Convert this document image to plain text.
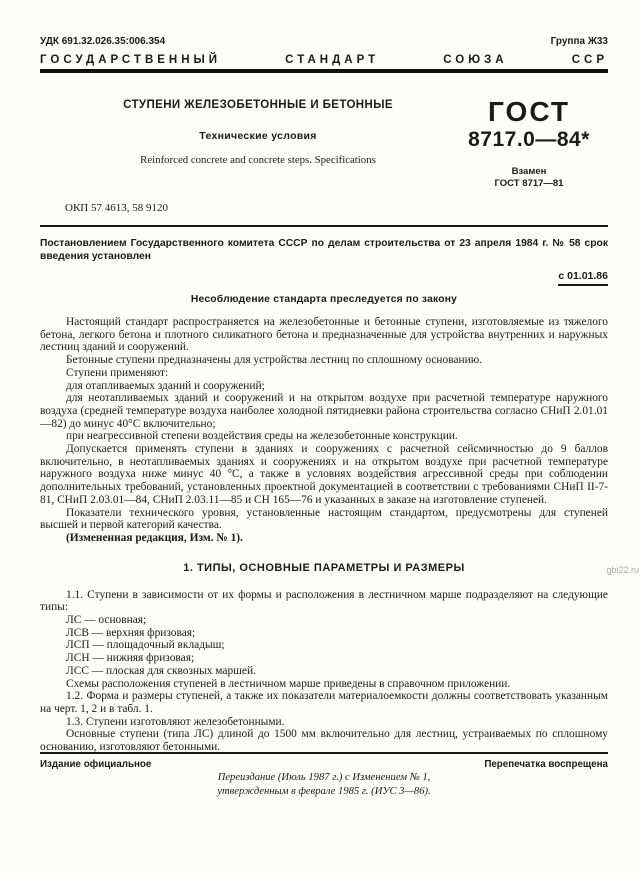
УДК 691.32.026.35:006.354	Группа Ж33
ГОСУДАРСТВЕННЫЙ СТАНДАРТ СОЮЗА ССР
СТУПЕНИ ЖЕЛЕЗОБЕТОННЫЕ И БЕТОННЫЕ
Технические условия
Reinforced concrete and concrete steps. Specifications
ГОСТ
8717.0—84*
Взамен
ГОСТ 8717—81
ОКП 57 4613, 58 9120
Постановлением Государственного комитета СССР по делам строительства от 23 апреля 1984 г. № 58 срок введения установлен
с 01.01.86
Несоблюдение стандарта преследуется по закону

Настоящий стандарт распространяется на железобетонные и бетонные ступени, изготовляемые из тяжелого бетона, легкого бетона и плотного силикатного бетона и предназначенные для устройства внутренних и наружных лестниц зданий и сооружений.

Бетонные ступени предназначены для устройства лестниц по сплошному основанию.

Ступени применяют:

для отапливаемых зданий и сооружений;

для неотапливаемых зданий и сооружений и на открытом воздухе при расчетной температуре наружного воздуха (средней температуре воздуха наиболее холодной пятидневки района строительства согласно СНиП 2.01.01—82) до минус 40°С включительно;

при неагрессивной степени воздействия среды на железобетонные конструкции.

Допускается применять ступени в зданиях и сооружениях с расчетной сейсмичностью до 9 баллов включительно, в неотапливаемых зданиях и сооружениях и на открытом воздухе при расчетной температуре наружного воздуха ниже минус 40 °С, а также в условиях воздействия агрессивной среды при соблюдении дополнительных требований, установленных проектной документацией в соответствии с требованиями СНиП II-7-81, СНиП 2.03.01—84, СНиП 2.03.11—85 и СН 165—76 и указанных в заказе на изготовление ступеней.

Показатели технического уровня, установленные настоящим стандартом, предусмотрены для ступеней высшей и первой категорий качества.

(Измененная редакция, Изм. № 1).

1. ТИПЫ, ОСНОВНЫЕ ПАРАМЕТРЫ И РАЗМЕРЫ

1.1. Ступени в зависимости от их формы и расположения в лестничном марше подразделяют на следующие типы:

ЛС — основная;

ЛСВ — верхняя фризовая;

ЛСП — площадочный вкладыш;

ЛСН — нижняя фризовая;

ЛСС — плоская для сквозных маршей.

Схемы расположения ступеней в лестничном марше приведены в справочном приложении.

1.2. Форма и размеры ступеней, а также их показатели материалоемкости должны соответствовать указанным на черт. 1, 2 и в табл. 1.

1.3. Ступени изготовляют железобетонными.

Основные ступени (типа ЛС) длиной до 1500 мм включительно для лестниц, устраиваемых по сплошному основанию, изготовляют бетонными.

Издание официальное	Перепечатка воспрещена
Переиздание (Июль 1987 г.) с Изменением № 1,
утвержденным в феврале 1985 г. (ИУС 3—86).
gbi22.ru
